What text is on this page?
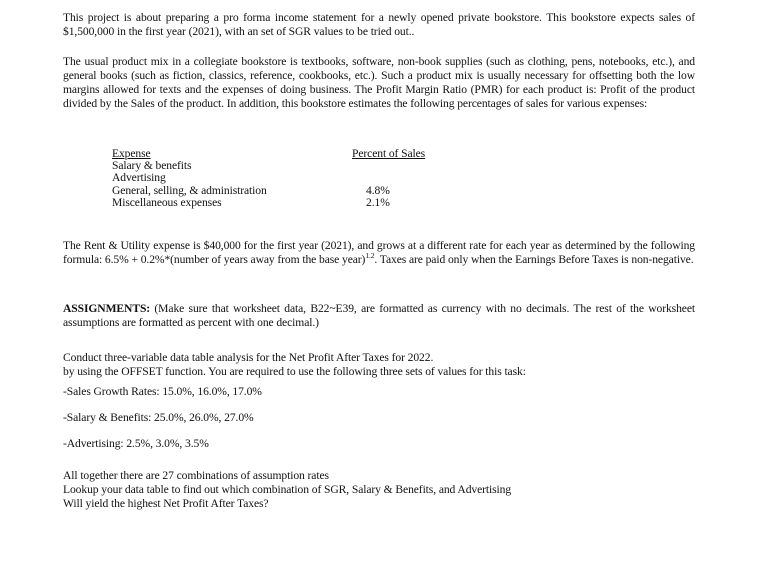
This project is about preparing a pro forma income statement for a newly opened private bookstore. This bookstore expects sales of $1,500,000 in the first year (2021), with an set of SGR values to be tried out..

The usual product mix in a collegiate bookstore is textbooks, software, non-book supplies (such as clothing, pens, notebooks, etc.), and general books (such as fiction, classics, reference, cookbooks, etc.). Such a product mix is usually necessary for offsetting both the low margins allowed for texts and the expenses of doing business. The Profit Margin Ratio (PMR) for each product is: Profit of the product divided by the Sales of the product. In addition, this bookstore estimates the following percentages of sales for various expenses:

Expense	Percent of Sales
Salary & benefits
Advertising
General, selling, & administration	4.8%
Miscellaneous expenses	2.1%

The Rent & Utility expense is $40,000 for the first year (2021), and grows at a different rate for each year as determined by the following formula: 6.5% + 0.2%*(number of years away from the base year)$^{1.2}$. Taxes are paid only when the Earnings Before Taxes is non-negative.

ASSIGNMENTS: (Make sure that worksheet data, B22~E39, are formatted as currency with no decimals. The rest of the worksheet assumptions are formatted as percent with one decimal.)

Conduct three-variable data table analysis for the Net Profit After Taxes for 2022.
by using the OFFSET function. You are required to use the following three sets of values for this task:
-Sales Growth Rates: 15.0%, 16.0%, 17.0%
-Salary & Benefits: 25.0%, 26.0%, 27.0%
-Advertising: 2.5%, 3.0%, 3.5%
All together there are 27 combinations of assumption rates
Lookup your data table to find out which combination of SGR, Salary & Benefits, and Advertising
Will yield the highest Net Profit After Taxes?
